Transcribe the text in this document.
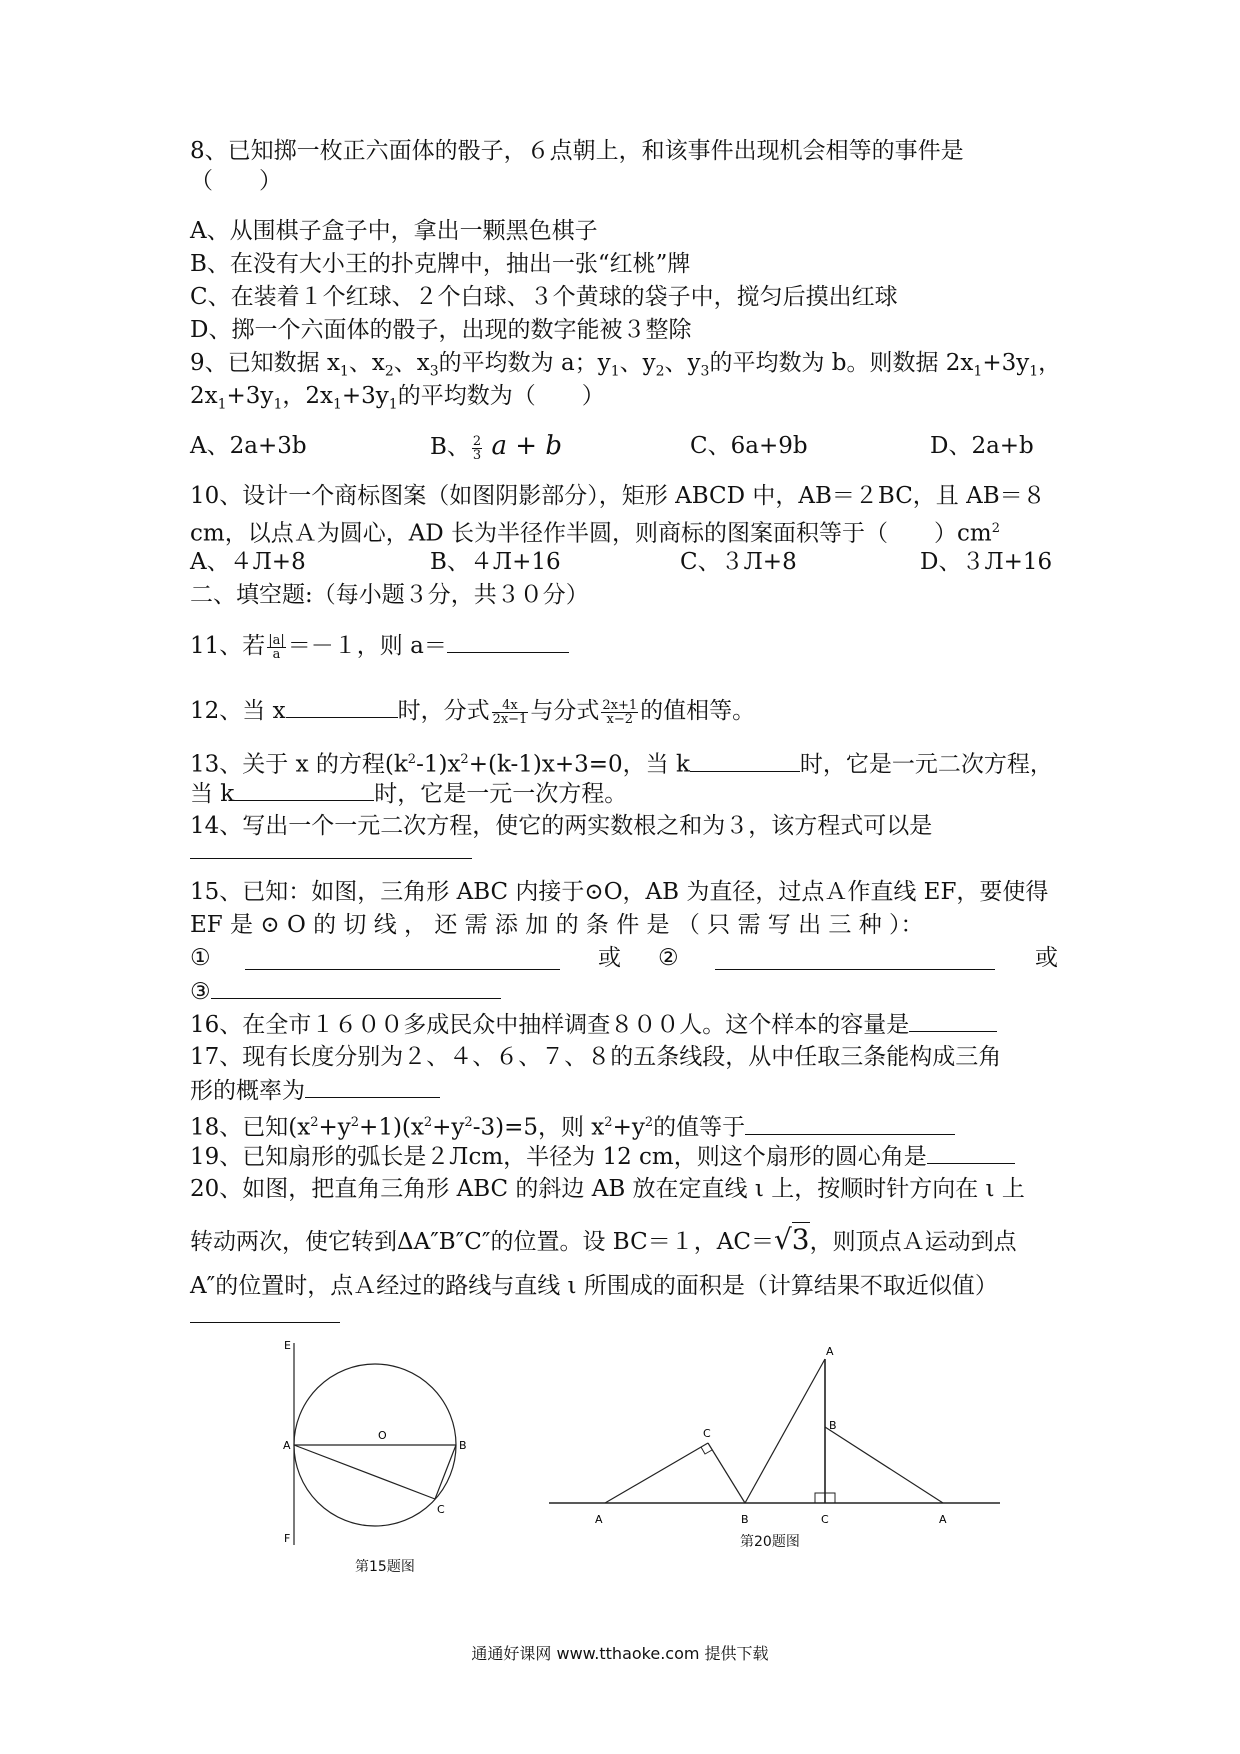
8、已知掷一枚正六面体的骰子，６点朝上，和该事件出现机会相等的事件是
（　　）
A、从围棋子盒子中，拿出一颗黑色棋子
B、在没有大小王的扑克牌中，抽出一张“红桃”牌
C、在装着１个红球、２个白球、３个黄球的袋子中，搅匀后摸出红球
D、掷一个六面体的骰子，出现的数字能被３整除
9、已知数据 $x_1$、$x_2$、$x_3$的平均数为 a；$y_1$、$y_2$、$y_3$的平均数为 b。则数据 $2x_1+3y_1$，
$2x_1+3y_1$，$2x_1+3y_1$的平均数为（　　）
A、2a+3b	B、 $\frac{2}{3}$ a + b	C、6a+9b	D、2a+b
10、设计一个商标图案（如图阴影部分），矩形 ABCD 中，AB＝２BC，且 AB＝８
cm，以点Ａ为圆心，AD 长为半径作半圆，则商标的图案面积等于（　　）$cm^2$
A、４Л+8	B、４Л+16	C、３Л+8	D、３Л+16
二、填空题:（每小题３分，共３０分）
11、若 $\frac{|a|}{a} =-1$，则 a＝
12、当 x	时，分式 $\frac{4x}{2x-1}$ 与分式 $\frac{2x+1}{x-2}$ 的值相等。
13、关于 x 的方程$(k^2-1)x^2+(k-1)x+3=0$，当 k	时，它是一元二次方程，
当 k	时，它是一元一次方程。
14、写出一个一元二次方程，使它的两实数根之和为３，该方程式可以是
15、已知：如图，三角形 ABC 内接于⊙O，AB 为直径，过点Ａ作直线 EF，要使得
EF 是 ⊙ O 的 切 线 ， 还 需 添 加 的 条 件 是 （ 只 需 写 出 三 种 ）：
①	或 ②	或
③
16、在全市１６００多成民众中抽样调查８００人。这个样本的容量是
17、现有长度分别为２、４、６、７、８的五条线段，从中任取三条能构成三角
形的概率为
18、已知$(x^2+y^2+1)(x^2+y^2-3)=5$，则 $x^2+y^2$的值等于
19、已知扇形的弧长是２Лcm，半径为 12 cm，则这个扇形的圆心角是
20、如图，把直角三角形 ABC 的斜边 AB 放在定直线 ι 上，按顺时针方向在 ι 上
转动两次，使它转到ΔA″B″C″的位置。设 BC＝１，AC＝√3，则顶点Ａ运动到点
A″的位置时，点Ａ经过的路线与直线 ι 所围成的面积是（计算结果不取近似值）
E
A
O
B
C
F
第15题图
A
C
B
A
B
C	A
第20题图
通通好课网 www.tthaoke.com 提供下载
